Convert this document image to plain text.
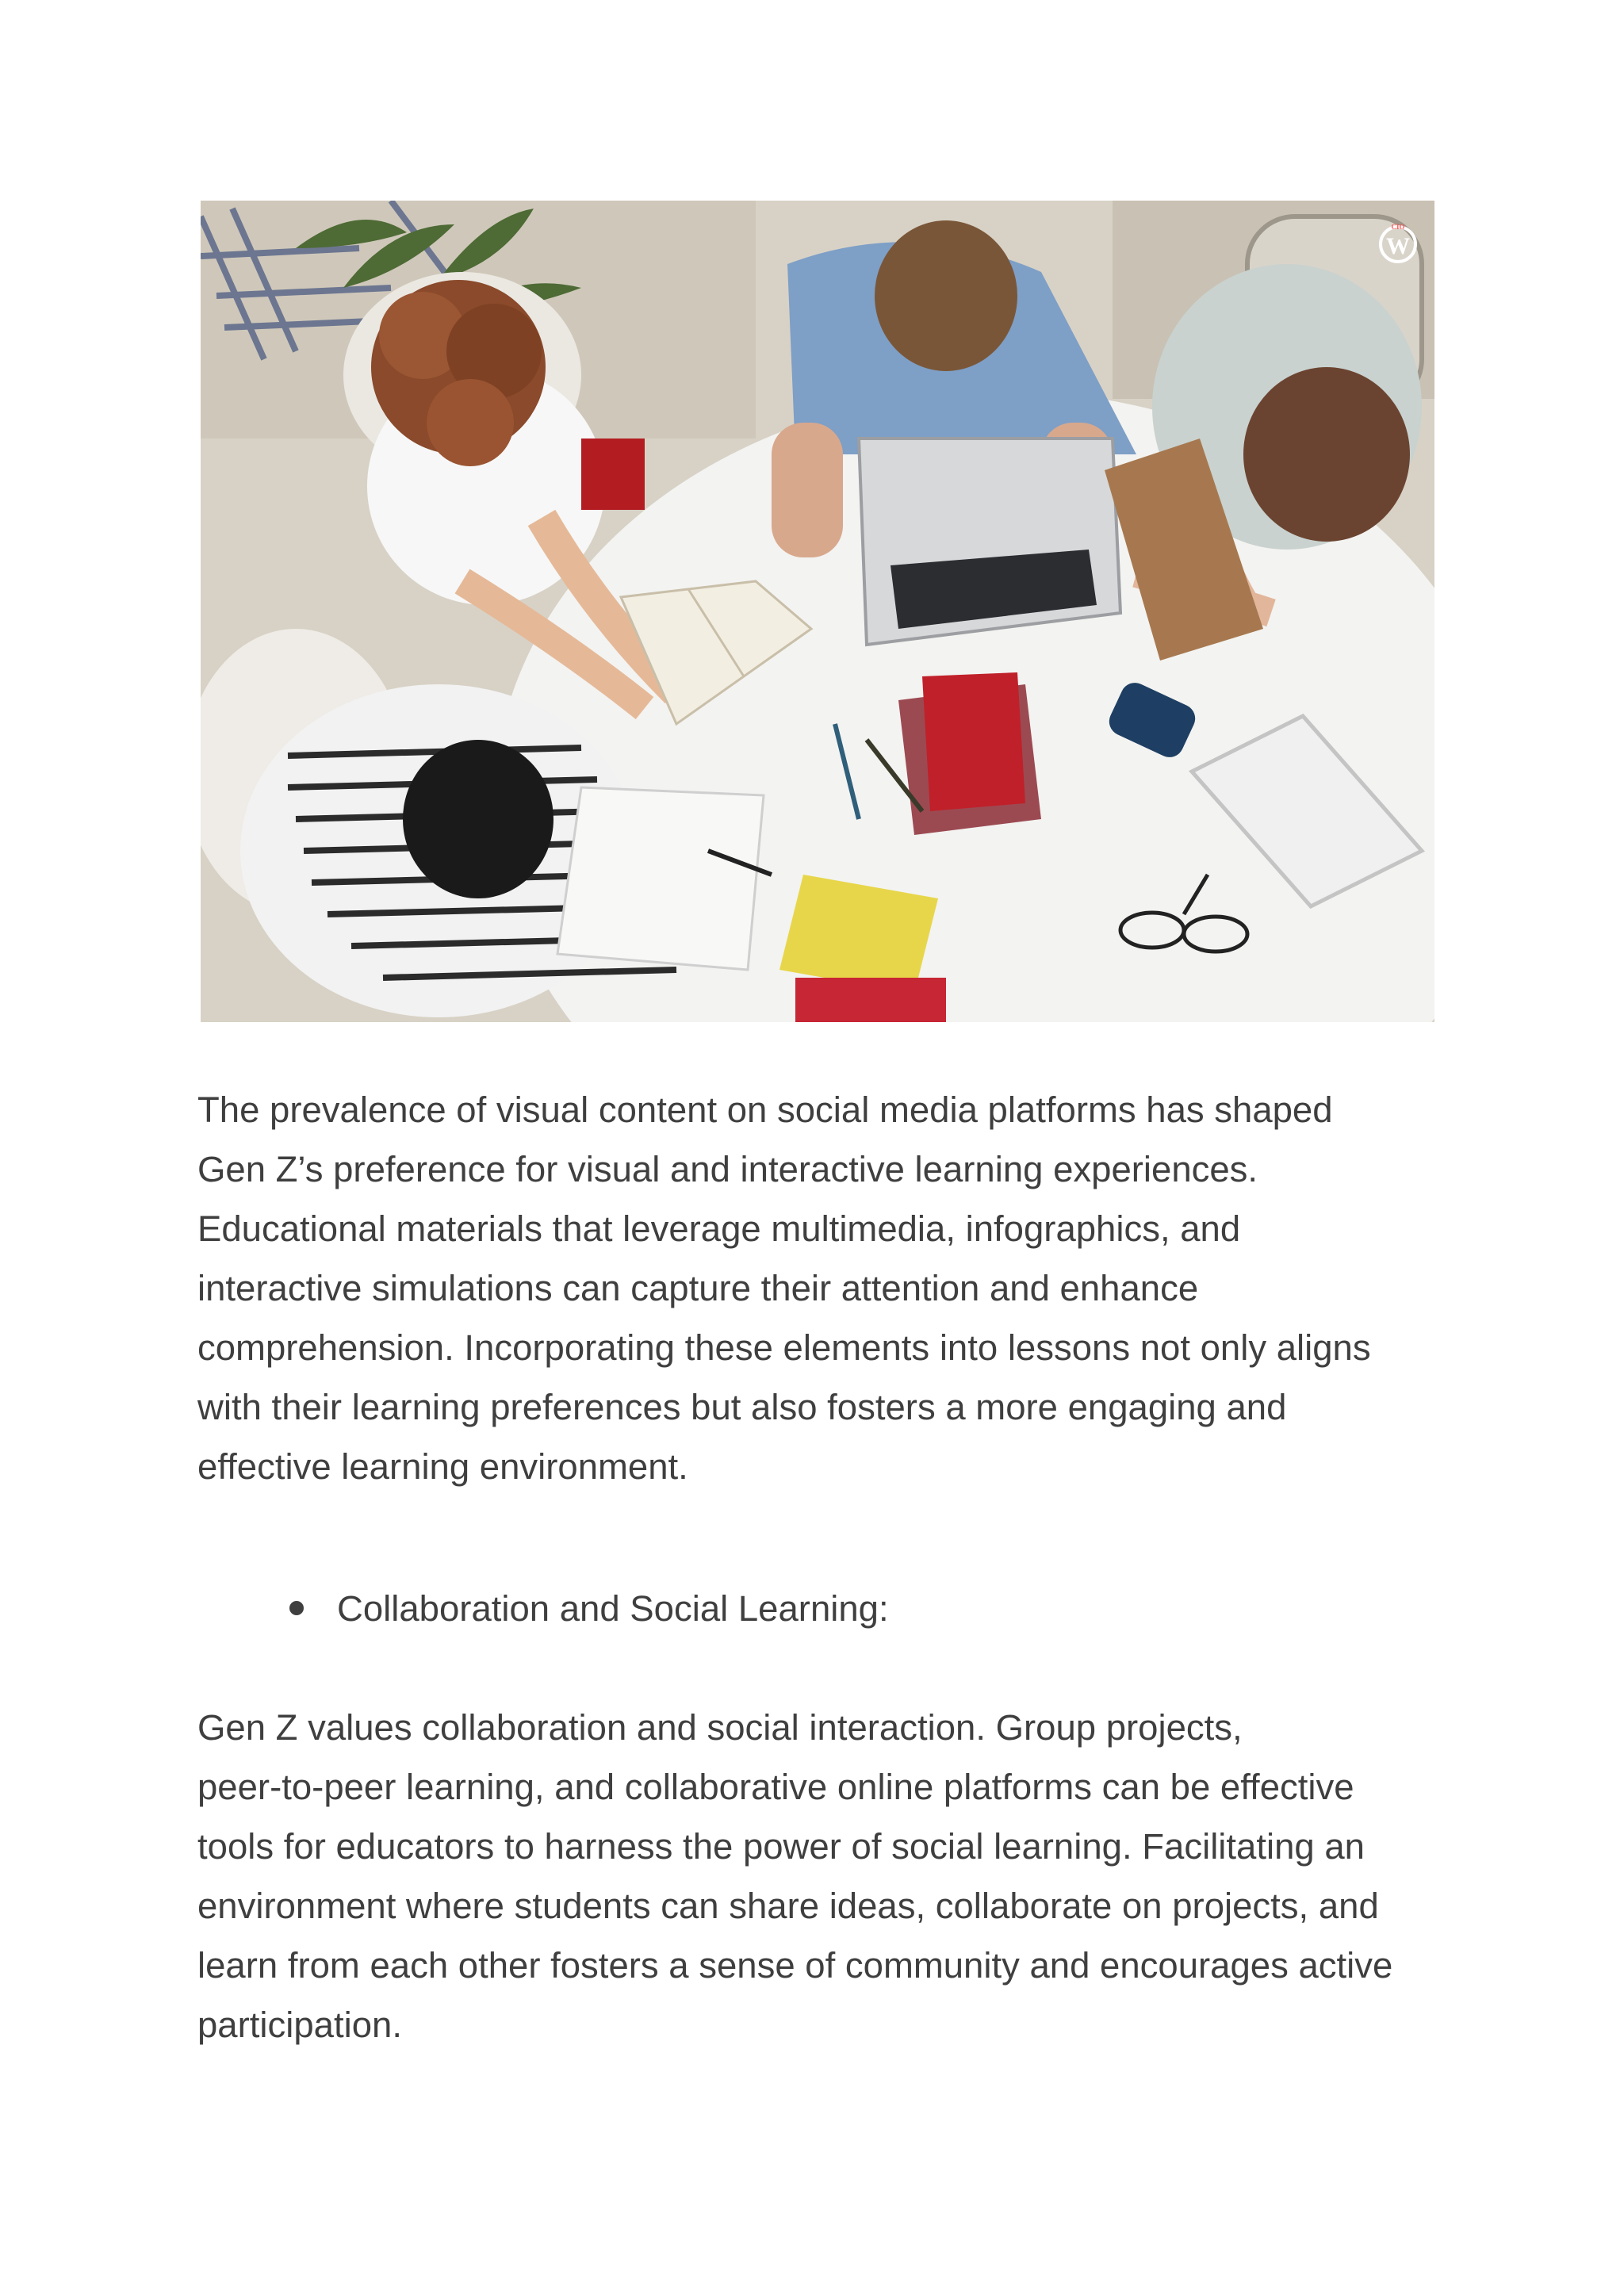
W
CIO

The prevalence of visual content on social media platforms has shaped
Gen Z’s preference for visual and interactive learning experiences.
Educational materials that leverage multimedia, infographics, and
interactive simulations can capture their attention and enhance
comprehension. Incorporating these elements into lessons not only aligns
with their learning preferences but also fosters a more engaging and
effective learning environment.

Collaboration and Social Learning:

Gen Z values collaboration and social interaction. Group projects,
peer-to-peer learning, and collaborative online platforms can be effective
tools for educators to harness the power of social learning. Facilitating an
environment where students can share ideas, collaborate on projects, and
learn from each other fosters a sense of community and encourages active
participation.
